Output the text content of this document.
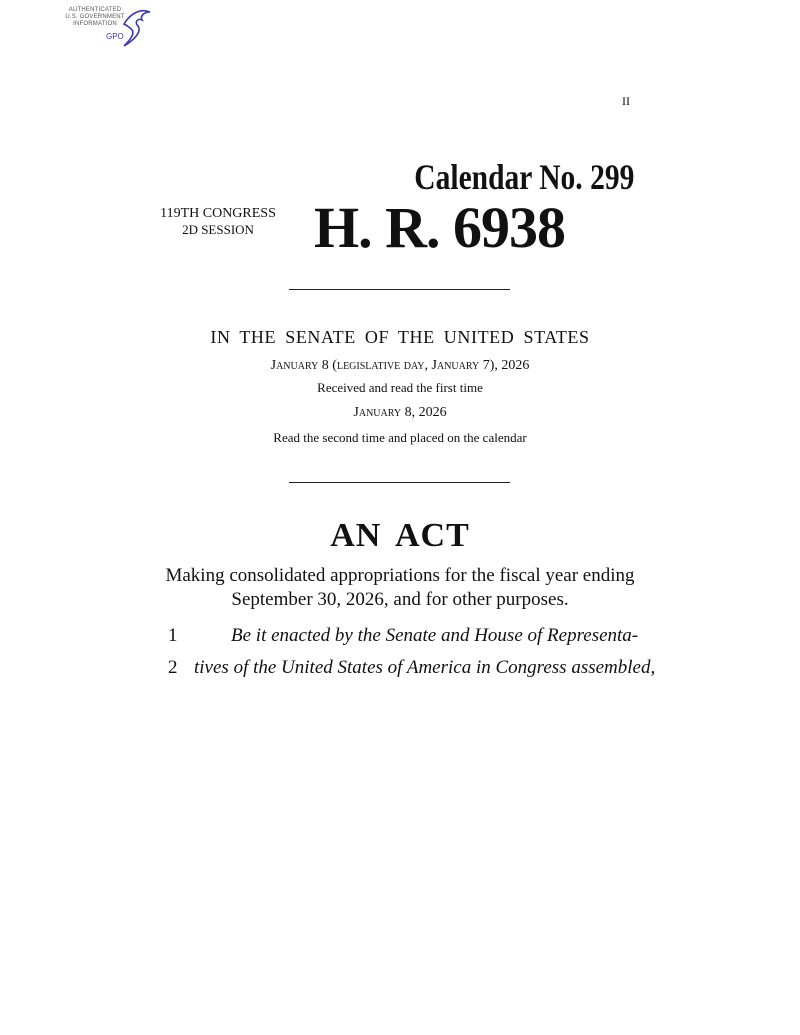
AUTHENTICATED
U.S. GOVERNMENT
INFORMATION
GPO
II
Calendar No. 299
119TH CONGRESS
2D SESSION	H. R. 6938
IN THE SENATE OF THE UNITED STATES
January 8 (legislative day, January 7), 2026
Received and read the first time
January 8, 2026
Read the second time and placed on the calendar
AN ACT
Making consolidated appropriations for the fiscal year ending
September 30, 2026, and for other purposes.
1	Be it enacted by the Senate and House of Representa-
2 tives of the United States of America in Congress assembled,
